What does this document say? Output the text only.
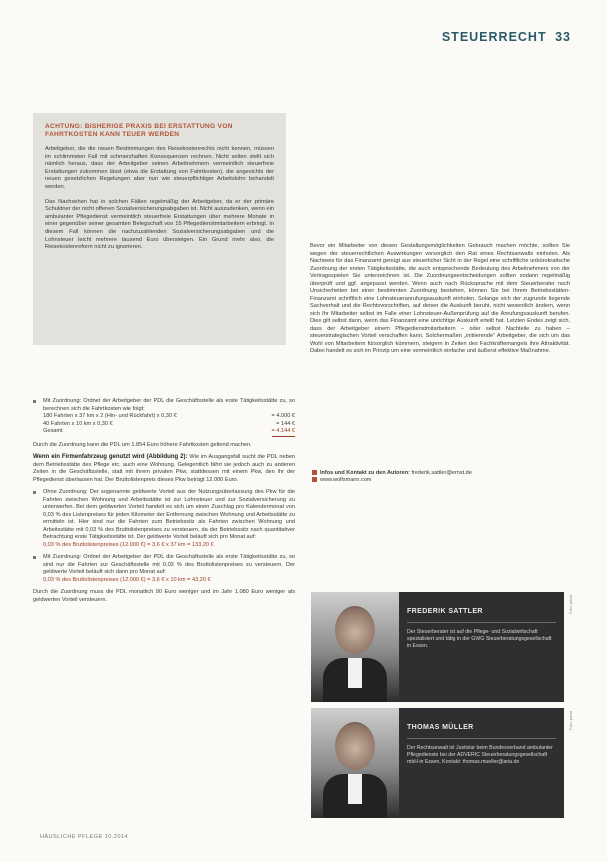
STEUERRECHT 33
ACHTUNG: BISHERIGE PRAXIS BEI ERSTATTUNG VON FAHRTKOSTEN KANN TEUER WERDEN

Arbeitgeber, die die neuen Bestimmungen des Reisekostenrechts nicht kennen, müssen im schlimmsten Fall mit schmerzhaften Konsequenzen rechnen. Nicht selten stellt sich nämlich heraus, dass der Arbeitgeber seinen Arbeitnehmern vermeintlich steuerfreie Erstattungen zukommen lässt (etwa die Erstattung von Fahrtkosten), die angesichts der neuen gesetzlichen Regelungen aber nun wie steuerpflichtiger Arbeitslohn behandelt werden.

Das Nachsehen hat in solchen Fällen regelmäßig der Arbeitgeber, da er der primäre Schuldner der nicht offenen Sozialversicherungsabgaben ist. Nicht auszudenken, wenn ein ambulanter Pflegedienst vermeintlich steuerfreie Erstattungen über mehrere Monate in einer gegenüber seiner gesamten Belegschaft von 15 Pflegedienstmitarbeitern erbringt. In diesem Fall können die nachzuzahlenden Sozialversicherungsabgaben und die Lohnsteuer leicht mehrere tausend Euro übersteigen. Ein Grund mehr also, die Reisekostenreform nicht zu ignorieren.

Mit Zuordnung: Ordnet der Arbeitgeber der PDL die Geschäftsstelle als erste Tätigkeitsstätte zu, so berechnen sich die Fahrtkosten wie folgt:
180 Fahrten x 37 km x 2 (Hin- und Rückfahrt) x 0,30 €	= 4.000 €
40 Fahrten x 10 km x 0,30 €	= 144 €
Gesamt	= 4.144 €

Durch die Zuordnung kann die PDL um 1.854 Euro höhere Fahrtkosten geltend machen.

Wenn ein Firmenfahrzeug genutzt wird (Abbildung 2): Wie im Ausgangsfall sucht die PDL neben dem Betriebsstätte des Pflege etc. auch eine Wohnung. Gelegentlich fährt sie jedoch auch zu anderen Zeiten in die Geschäftsstelle, statt mit ihrem privaten Pkw, stattdessen mit einem Pkw, den ihr der Pflegedienst überlassen hat. Der Bruttolistenpreis dieses Pkw beträgt 12.000 Euro.

Ohne Zuordnung: Der sogenannte geldwerte Vorteil aus der Nutzungsüberlassung des Pkw für die Fahrten zwischen Wohnung und Arbeitsstätte ist zur Lohnsteuer und zur Sozialversicherung zu unterwerfen. Bei dem geldwerten Vorteil handelt es sich um einen Zuschlag pro Kalendermonat von 0,03 % des Listenpreises für jeden Kilometer der Entfernung zwischen Wohnung und Arbeitsstätte zu ermitteln ist. Hier sind nur die Fahrten zum Betriebssitz als Fahrten zwischen Wohnung und Arbeitsstätte mit 0,03 % des Bruttolistenpreises zu versteuern, da der Betriebssitz nach quantitativer Betrachtung erste Tätigkeitsstätte ist. Der geldwerte Vorteil beläuft sich pro Monat auf:
0,03 % des Bruttolistenpreises (12.000 €) = 3,6 € x 37 km = 133,20 €
Mit Zuordnung: Ordnet der Arbeitgeber der PDL die Geschäftsstelle als erste Tätigkeitsstätte zu, so sind nur die Fahrten zur Geschäftsstelle mit 0,03 % des Bruttolistenpreises zu versteuern. Der geldwerte Vorteil beläuft sich dann pro Monat auf:
0,03 % des Bruttolistenpreises (12.000 €) = 3,6 € x 10 km = 43,20 €

Durch die Zuordnung muss die PDL monatlich 90 Euro weniger und im Jahr 1.080 Euro weniger als geldwerten Vorteil versteuern.

Bevor ein Mitarbeiter von diesen Gestaltungsmöglichkeiten Gebrauch machen möchte, sollten Sie wegen der steuerrechtlichen Auswirkungen vorsorglich den Rat eines Rechtsanwalts einholen. Als Nachweis für das Finanzamt genügt aus steuerlicher Sicht in der Regel eine schriftliche unbürokratische Zuordnung der ersten Tätigkeitsstätte, die auch entsprechende Bedeutung des Arbeitnehmers von der Vertragsspielen Sie unterzeichnen ist. Die Zuordnungsentscheidungen sollten sodann regelmäßig überprüft und ggf. angepasst werden. Wenn auch nach Rücksprache mit dem Steuerberater noch Unsicherheiten bei einer bestimmten Zuordnung bestehen, können Sie bei Ihrem Betriebsstätten-Finanzamt schriftlich eine Lohnsteueranrufungsauskunft einholen. Solange sich der zugrunde liegende Sachverhalt und die Rechtsvorschriften, auf denen die Auskunft beruht, nicht wesentlich ändern, wenn sich Ihr Mitarbeiter selbst im Falle einer Lohnsteuer-Außenprüfung auf die Anrufungsauskunft berufen. Dies gilt selbst dann, wenn das Finanzamt eine unrichtige Auskunft erteilt hat. Letzten Endes zeigt sich, dass der Arbeitgeber einem Pflegedienstmitarbeitern – oder selbst Nachteile zu haben – steuerstrategischen Vorteil verschaffen kann. Solchermaßen „initiierende“ Arbeitgeber, die sich um das Wohl von Mitarbeitern fürsorglich kümmern, steigern in Zeiten des Fachkräftemangels ihre Attraktivität. Dabei handelt es sich im Prinzip um eine vermeintlich einfache und äußerst effektive Maßnahme.

Infos und Kontakt zu den Autoren: frederik.sattler@ernst.de
www.wolfsmann.com
FREDERIK SATTLER
Der Steuerberater ist auf die Pflege- und Sozialwirtschaft spezialisiert und tätig in der GWG Steuerberatungsgesellschaft in Essen.
Foto: privat
THOMAS MÜLLER
Der Rechtsanwalt ist Justiziar beim Bundesverband ambulanter Pflegedienste bei der ADVERIC Steuerberatungsgesellschaft mbH in Essen, Kontakt: thomas.mueller@aria.de
Foto: privat
HÄUSLICHE PFLEGE 10.2014
